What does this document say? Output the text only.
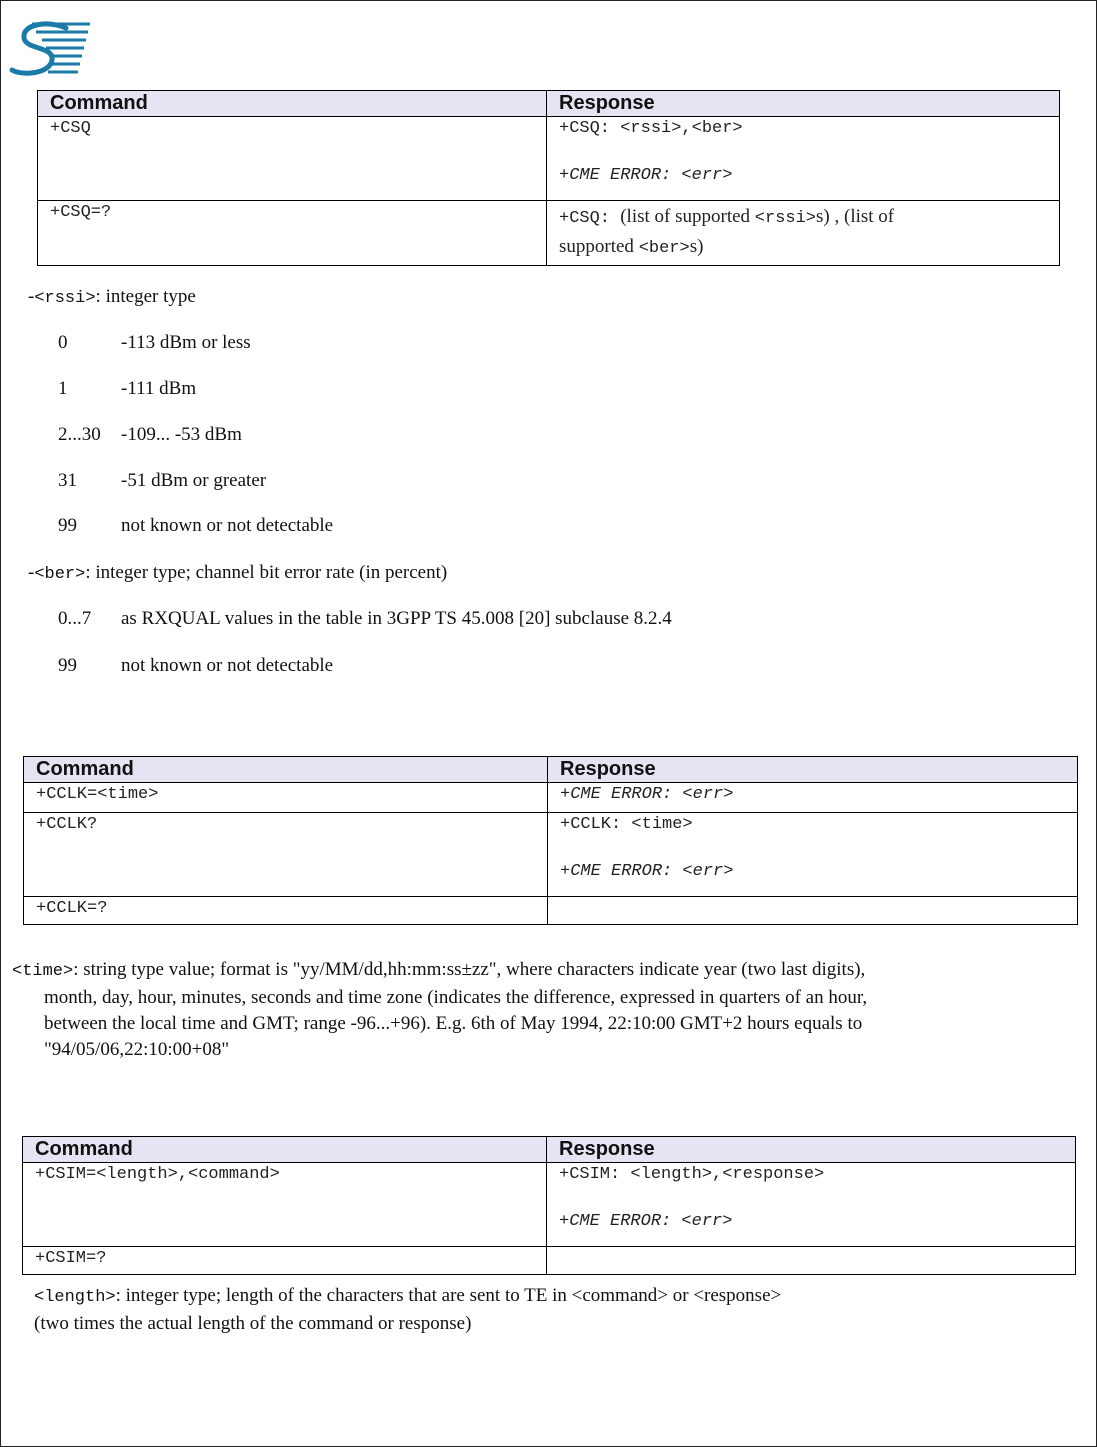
Command	Response
+CSQ	+CSQ: <rssi>,<ber>
+CME ERROR: <err>

+CSQ=?	+CSQ: (list of supported <rssi>s) , (list of
supported <ber>s)
-<rssi>: integer type
0	-113 dBm or less
1	-111 dBm
2...30 -109... -53 dBm
31 -51 dBm or greater
99 not known or not detectable
-<ber>: integer type; channel bit error rate (in percent)
0...7 as RXQUAL values in the table in 3GPP TS 45.008 [20] subclause 8.2.4
99 not known or not detectable
Command	Response
+CCLK=<time>	+CME ERROR: <err>
+CCLK?	+CCLK: <time>
+CME ERROR: <err>

+CCLK=?	
<time>: string type value; format is "yy/MM/dd,hh:mm:ss±zz", where characters indicate year (two last digits),
month, day, hour, minutes, seconds and time zone (indicates the difference, expressed in quarters of an hour,
between the local time and GMT; range -96...+96). E.g. 6th of May 1994, 22:10:00 GMT+2 hours equals to
"94/05/06,22:10:00+08"
Command	Response
+CSIM=<length>,<command>	+CSIM: <length>,<response>
+CME ERROR: <err>

+CSIM=?	
<length>: integer type; length of the characters that are sent to TE in <command> or <response>
(two times the actual length of the command or response)
